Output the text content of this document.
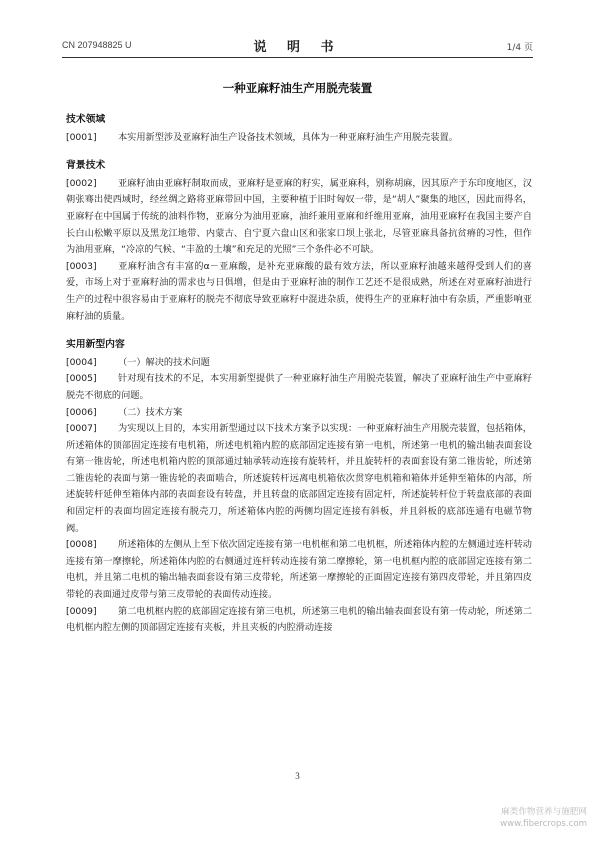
CN 207948825 U	说 明 书	1/4 页
一种亚麻籽油生产用脱壳装置
技术领域

[0001] 本实用新型涉及亚麻籽油生产设备技术领域，具体为一种亚麻籽油生产用脱壳装置。

背景技术

[0002] 亚麻籽油由亚麻籽制取而成，亚麻籽是亚麻的籽实，属亚麻科，别称胡麻，因其原产于东印度地区，汉朝张骞出使西域时，经丝绸之路将亚麻带回中国，主要种植于旧时匈奴一带，是“胡人”聚集的地区，因此而得名，亚麻籽在中国属于传统的油料作物，亚麻分为油用亚麻，油纤兼用亚麻和纤维用亚麻，油用亚麻籽在我国主要产自长白山松嫩平原以及黑龙江地带、内蒙古、自宁夏六盘山区和张家口坝上张北，尽管亚麻具备抗贫瘠的习性，但作为油用亚麻，“冷凉的气候、“丰盈的土壤”和充足的光照”三个条件必不可缺。

[0003] 亚麻籽油含有丰富的α－亚麻酸，是补充亚麻酸的最有效方法，所以亚麻籽油越来越得受到人们的喜爱，市场上对于亚麻籽油的需求也与日俱增，但是由于亚麻籽油的制作工艺还不是很成熟，所述在对亚麻籽油进行生产的过程中很容易由于亚麻籽的脱壳不彻底导致亚麻籽中混进杂质，使得生产的亚麻籽油中有杂质，严重影响亚麻籽油的质量。

实用新型内容

[0004] （一）解决的技术问题

[0005] 针对现有技术的不足，本实用新型提供了一种亚麻籽油生产用脱壳装置，解决了亚麻籽油生产中亚麻籽脱壳不彻底的问题。

[0006] （二）技术方案

[0007] 为实现以上目的，本实用新型通过以下技术方案予以实现：一种亚麻籽油生产用脱壳装置，包括箱体，所述箱体的顶部固定连接有电机箱，所述电机箱内腔的底部固定连接有第一电机，所述第一电机的输出轴表面套设有第一锥齿轮，所述电机箱内腔的顶部通过轴承转动连接有旋转杆，并且旋转杆的表面套设有第二锥齿轮，所述第二锥齿轮的表面与第一锥齿轮的表面啮合，所述旋转杆远离电机箱依次贯穿电机箱和箱体并延伸至箱体的内部，所述旋转杆延伸至箱体内部的表面套设有转盘，并且转盘的底部固定连接有固定杆，所述旋转杆位于转盘底部的表面和固定杆的表面均固定连接有脱壳刀，所述箱体内腔的两侧均固定连接有斜板，并且斜板的底部连通有电磁节物阀。

[0008] 所述箱体的左侧从上至下依次固定连接有第一电机框和第二电机框，所述箱体内腔的左侧通过连杆转动连接有第一摩擦轮，所述箱体内腔的右侧通过连杆转动连接有第二摩擦轮，第一电机框内腔的底部固定连接有第二电机，并且第二电机的输出轴表面套设有第三皮带轮，所述第一摩擦轮的正面固定连接有第四皮带轮，并且第四皮带轮的表面通过皮带与第三皮带轮的表面传动连接。

[0009] 第二电机框内腔的底部固定连接有第三电机，所述第三电机的输出轴表面套设有第一传动轮，所述第二电机框内腔左侧的顶部固定连接有夹板，并且夹板的内腔滑动连接

3
麻类作物营养与施肥网
www.fibercrops.com
